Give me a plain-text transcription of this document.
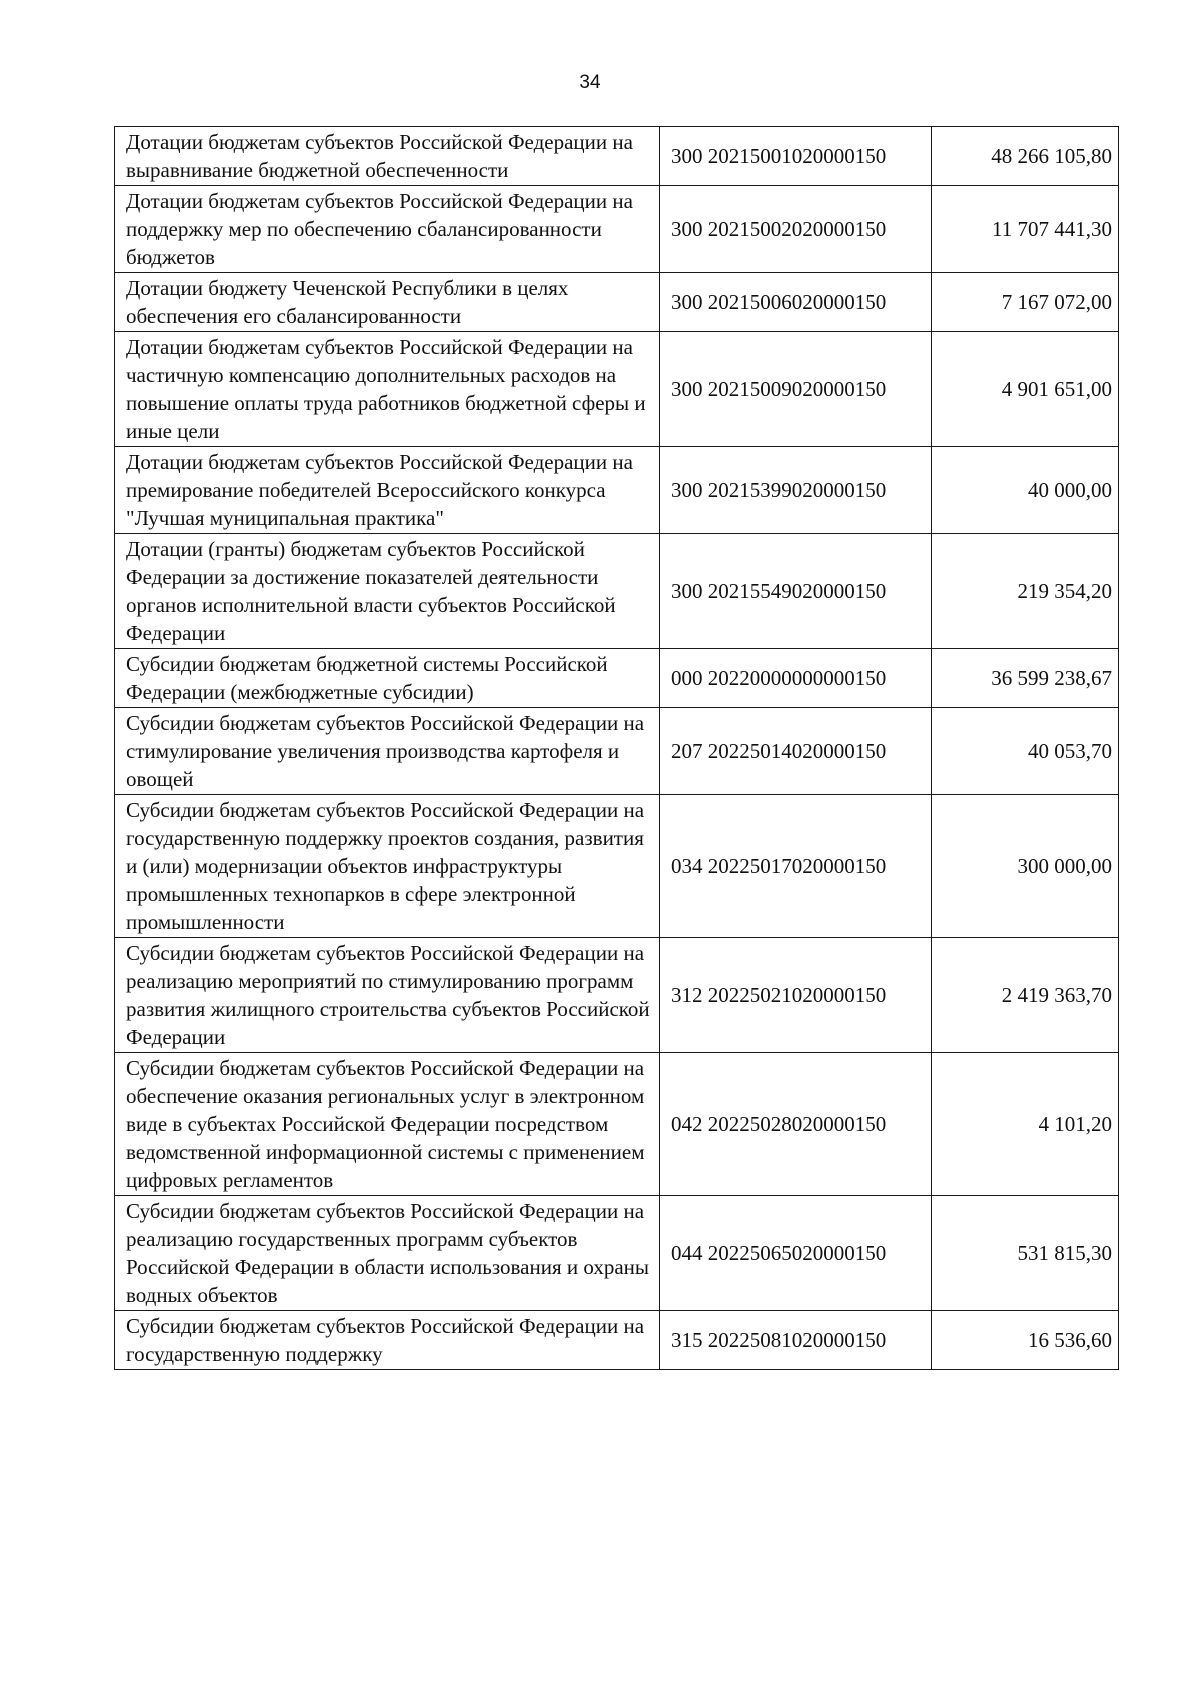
34
Дотации бюджетам субъектов Российской Федерации на выравнивание бюджетной обеспеченности	300 20215001020000150	48 266 105,80
Дотации бюджетам субъектов Российской Федерации на поддержку мер по обеспечению сбалансированности бюджетов	300 20215002020000150	11 707 441,30
Дотации бюджету Чеченской Республики в целях обеспечения его сбалансированности	300 20215006020000150	7 167 072,00
Дотации бюджетам субъектов Российской Федерации на частичную компенсацию дополнительных расходов на повышение оплаты труда работников бюджетной сферы и иные цели	300 20215009020000150	4 901 651,00
Дотации бюджетам субъектов Российской Федерации на премирование победителей Всероссийского конкурса "Лучшая муниципальная практика"	300 20215399020000150	40 000,00
Дотации (гранты) бюджетам субъектов Российской Федерации за достижение показателей деятельности органов исполнительной власти субъектов Российской Федерации	300 20215549020000150	219 354,20
Субсидии бюджетам бюджетной системы Российской Федерации (межбюджетные субсидии)	000 20220000000000150	36 599 238,67
Субсидии бюджетам субъектов Российской Федерации на стимулирование увеличения производства картофеля и овощей	207 20225014020000150	40 053,70
Субсидии бюджетам субъектов Российской Федерации на государственную поддержку проектов создания, развития и (или) модернизации объектов инфраструктуры промышленных технопарков в сфере электронной промышленности	034 20225017020000150	300 000,00
Субсидии бюджетам субъектов Российской Федерации на реализацию мероприятий по стимулированию программ развития жилищного строительства субъектов Российской Федерации	312 20225021020000150	2 419 363,70
Субсидии бюджетам субъектов Российской Федерации на обеспечение оказания региональных услуг в электронном виде в субъектах Российской Федерации посредством ведомственной информационной системы с применением цифровых регламентов	042 20225028020000150	4 101,20
Субсидии бюджетам субъектов Российской Федерации на реализацию государственных программ субъектов Российской Федерации в области использования и охраны водных объектов	044 20225065020000150	531 815,30
Субсидии бюджетам субъектов Российской Федерации на государственную поддержку	315 20225081020000150	16 536,60
